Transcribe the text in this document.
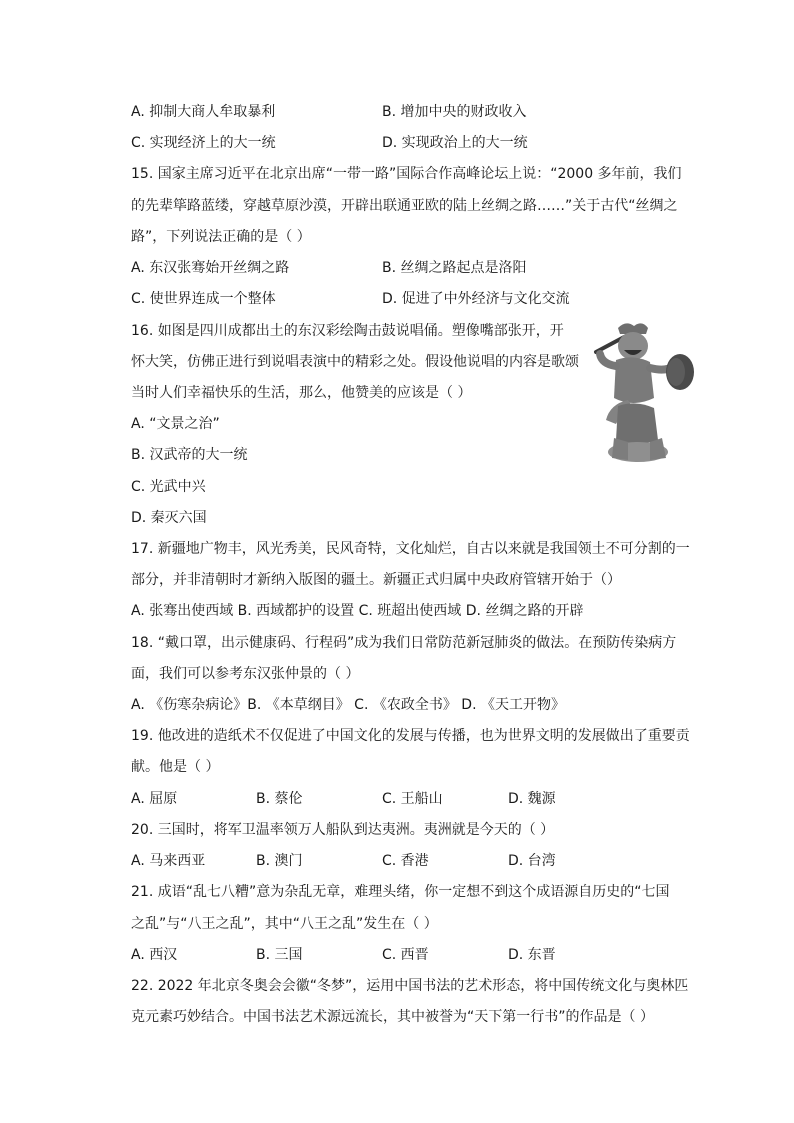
A. 抑制大商人牟取暴利	B. 增加中央的财政收入
C. 实现经济上的大一统	D. 实现政治上的大一统
15. 国家主席习近平在北京出席“一带一路”国际合作高峰论坛上说：“2000 多年前，我们
的先辈筚路蓝缕，穿越草原沙漠，开辟出联通亚欧的陆上丝绸之路……”关于古代“丝绸之
路”，下列说法正确的是（ ）
A. 东汉张骞始开丝绸之路	B. 丝绸之路起点是洛阳
C. 使世界连成一个整体	D. 促进了中外经济与文化交流
16. 如图是四川成都出土的东汉彩绘陶击鼓说唱俑。塑像嘴部张开，开
怀大笑，仿佛正进行到说唱表演中的精彩之处。假设他说唱的内容是歌颂
当时人们幸福快乐的生活，那么，他赞美的应该是（ ）
A. “文景之治”
B. 汉武帝的大一统
C. 光武中兴
D. 秦灭六国
17. 新疆地广物丰，风光秀美，民风奇特，文化灿烂，自古以来就是我国领土不可分割的一
部分，并非清朝时才新纳入版图的疆土。新疆正式归属中央政府管辖开始于（）
A. 张骞出使西域 B. 西域都护的设置 C. 班超出使西域 D. 丝绸之路的开辟
18. “戴口罩，出示健康码、行程码”成为我们日常防范新冠肺炎的做法。在预防传染病方
面，我们可以参考东汉张仲景的（ ）
A. 《伤寒杂病论》B. 《本草纲目》 C. 《农政全书》 D. 《天工开物》
19. 他改进的造纸术不仅促进了中国文化的发展与传播，也为世界文明的发展做出了重要贡
献。他是（ ）
A. 屈原	B. 蔡伦	C. 王船山	D. 魏源
20. 三国时，将军卫温率领万人船队到达夷洲。夷洲就是今天的（ ）
A. 马来西亚	B. 澳门	C. 香港	D. 台湾
21. 成语“乱七八糟”意为杂乱无章，难理头绪，你一定想不到这个成语源自历史的“七国
之乱”与“八王之乱”，其中“八王之乱”发生在（ ）
A. 西汉	B. 三国	C. 西晋	D. 东晋
22. 2022 年北京冬奥会会徽“冬梦”，运用中国书法的艺术形态，将中国传统文化与奥林匹
克元素巧妙结合。中国书法艺术源远流长，其中被誉为“天下第一行书”的作品是（ ）
